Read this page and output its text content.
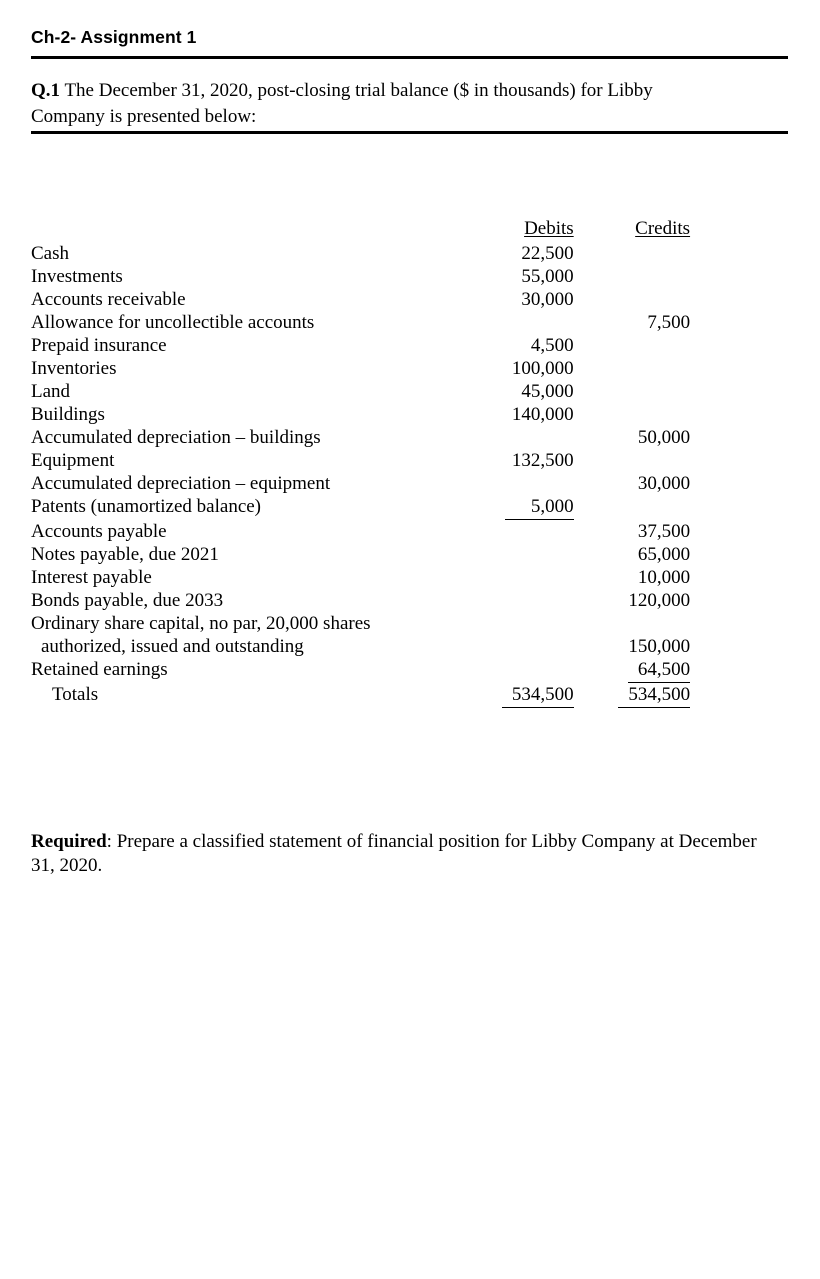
Ch-2- Assignment 1
Q.1 The December 31, 2020, post-closing trial balance ($ in thousands) for Libby Company is presented below:
	Debits	Credits	
Cash	22,500		
Investments	55,000		
Accounts receivable	30,000		
Allowance for uncollectible accounts		7,500	
Prepaid insurance	4,500		
Inventories	100,000		
Land	45,000		
Buildings	140,000		
Accumulated depreciation – buildings		50,000	
Equipment	132,500		
Accumulated depreciation – equipment		30,000	
Patents (unamortized balance)	5,000		
Accounts payable		37,500	
Notes payable, due 2021		65,000	
Interest payable		10,000	
Bonds payable, due 2033		120,000	
Ordinary share capital, no par, 20,000 shares			
authorized, issued and outstanding		150,000	
Retained earnings		64,500	
Totals	534,500	534,500	
Required: Prepare a classified statement of financial position for Libby Company at December 31, 2020.
